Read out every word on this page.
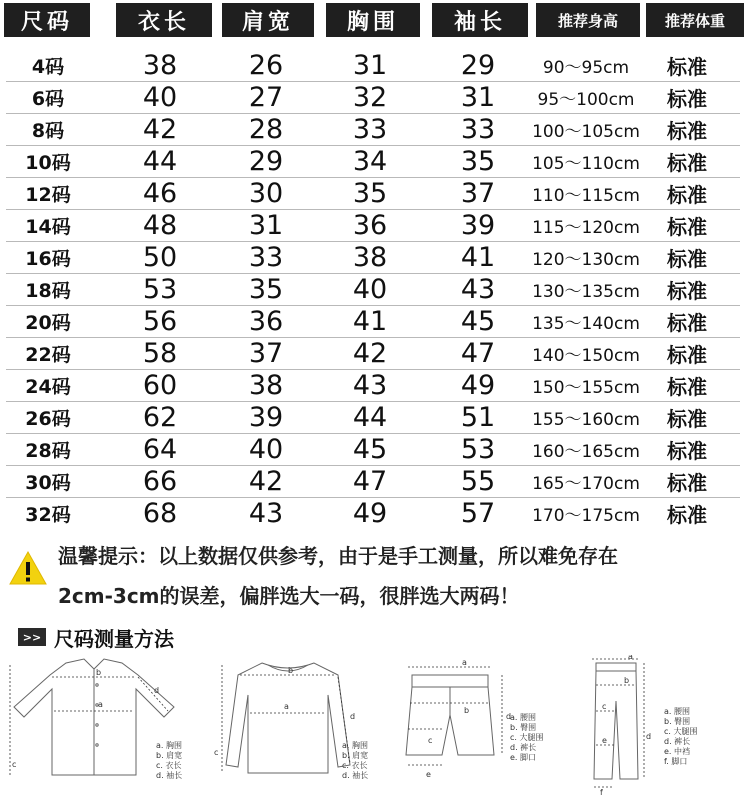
尺码	衣长	肩宽	胸围	袖长	推荐身高	推荐体重
4码	38	26	31	29	90～95cm	标准
6码	40	27	32	31	95～100cm	标准
8码	42	28	33	33	100～105cm	标准
10码	44	29	34	35	105～110cm	标准
12码	46	30	35	37	110～115cm	标准
14码	48	31	36	39	115～120cm	标准
16码	50	33	38	41	120～130cm	标准
18码	53	35	40	43	130～135cm	标准
20码	56	36	41	45	135～140cm	标准
22码	58	37	42	47	140～150cm	标准
24码	60	38	43	49	150～155cm	标准
26码	62	39	44	51	155～160cm	标准
28码	64	40	45	53	160～165cm	标准
30码	66	42	47	55	165～170cm	标准
32码	68	43	49	57	170～175cm	标准
温馨提示：以上数据仅供参考，由于是手工测量，所以难免存在
2cm-3cm的误差，偏胖选大一码，很胖选大两码！
>> 尺码测量方法
a
b
d
c
a. 胸围
b. 肩宽
c. 衣长
d. 袖长
a
b
d
c
a. 胸围
b. 肩宽
c. 衣长
d. 袖长
a
b
c
d
e
a. 腰围
b. 臀围
c. 大腿围
d. 裤长
e. 脚口
a
b
c
d
e
f
a. 腰围
b. 臀围
c. 大腿围
d. 裤长
e. 中裆
f. 脚口
